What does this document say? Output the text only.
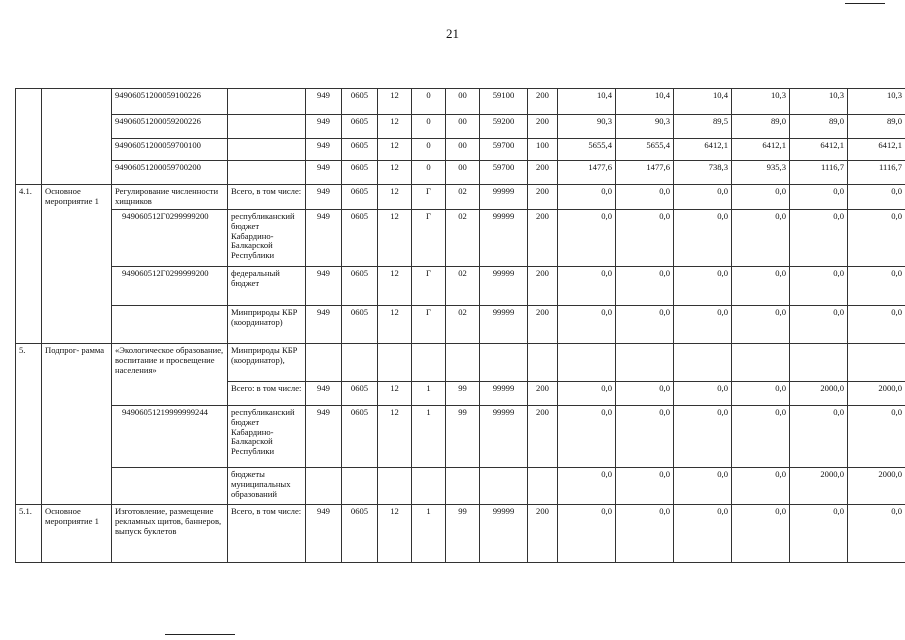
21
		94906051200059100226		949	0605	12	0	00	59100	200	10,4	10,4	10,4	10,3	10,3	10,3
		94906051200059200226		949	0605	12	0	00	59200	200	90,3	90,3	89,5	89,0	89,0	89,0
		94906051200059700100		949	0605	12	0	00	59700	100	5655,4	5655,4	6412,1	6412,1	6412,1	6412,1
		94906051200059700200		949	0605	12	0	00	59700	200	1477,6	1477,6	738,3	935,3	1116,7	1116,7
4.1.	Основное мероприятие 1	Регулирование численности хищников	Всего, в том числе:	949	0605	12	Г	02	99999	200	0,0	0,0	0,0	0,0	0,0	0,0
		949060512Г0299999200	республиканский бюджет Кабардино-Балкарской Республики	949	0605	12	Г	02	99999	200	0,0	0,0	0,0	0,0	0,0	0,0
		949060512Г0299999200	федеральный бюджет	949	0605	12	Г	02	99999	200	0,0	0,0	0,0	0,0	0,0	0,0
			Минприроды КБР (координатор)	949	0605	12	Г	02	99999	200	0,0	0,0	0,0	0,0	0,0	0,0
5.	Подпрог- рамма	«Экологическое образование, воспитание и просвещение населения»	Минприроды КБР (координатор),													
			Всего: в том числе:	949	0605	12	1	99	99999	200	0,0	0,0	0,0	0,0	2000,0	2000,0
		94906051219999999244	республиканский бюджет Кабардино-Балкарской Республики	949	0605	12	1	99	99999	200	0,0	0,0	0,0	0,0	0,0	0,0
			бюджеты муниципальных образований								0,0	0,0	0,0	0,0	2000,0	2000,0
5.1.	Основное мероприятие 1	Изготовление, размещение рекламных щитов, баннеров, выпуск буклетов	Всего, в том числе:	949	0605	12	1	99	99999	200	0,0	0,0	0,0	0,0	0,0	0,0
